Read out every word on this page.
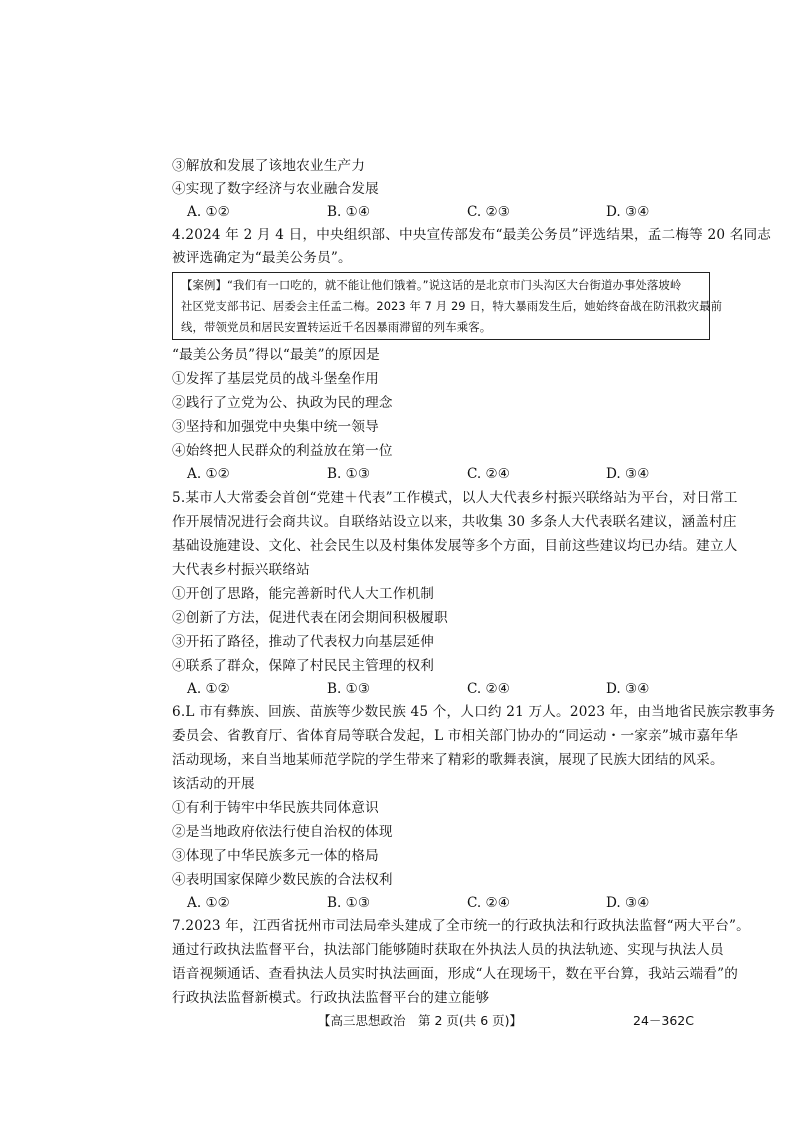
③解放和发展了该地农业生产力
④实现了数字经济与农业融合发展
A. ①②	B. ①④	C. ②③	D. ③④
4.2024 年 2 月 4 日，中央组织部、中央宣传部发布“最美公务员”评选结果，孟二梅等 20 名同志
被评选确定为“最美公务员”。
【案例】“我们有一口吃的，就不能让他们饿着。”说这话的是北京市门头沟区大台街道办事处落坡岭
社区党支部书记、居委会主任孟二梅。2023 年 7 月 29 日，特大暴雨发生后，她始终奋战在防汛救灾最前
线，带领党员和居民安置转运近千名因暴雨滞留的列车乘客。
“最美公务员”得以“最美”的原因是
①发挥了基层党员的战斗堡垒作用
②践行了立党为公、执政为民的理念
③坚持和加强党中央集中统一领导
④始终把人民群众的利益放在第一位
A. ①②	B. ①③	C. ②④	D. ③④
5.某市人大常委会首创“党建＋代表”工作模式，以人大代表乡村振兴联络站为平台，对日常工
作开展情况进行会商共议。自联络站设立以来，共收集 30 多条人大代表联名建议，涵盖村庄
基础设施建设、文化、社会民生以及村集体发展等多个方面，目前这些建议均已办结。建立人
大代表乡村振兴联络站
①开创了思路，能完善新时代人大工作机制
②创新了方法，促进代表在闭会期间积极履职
③开拓了路径，推动了代表权力向基层延伸
④联系了群众，保障了村民民主管理的权利
A. ①②	B. ①③	C. ②④	D. ③④
6.L 市有彝族、回族、苗族等少数民族 45 个，人口约 21 万人。2023 年，由当地省民族宗教事务
委员会、省教育厅、省体育局等联合发起，L 市相关部门协办的“同运动・一家亲”城市嘉年华
活动现场，来自当地某师范学院的学生带来了精彩的歌舞表演，展现了民族大团结的风采。
该活动的开展
①有利于铸牢中华民族共同体意识
②是当地政府依法行使自治权的体现
③体现了中华民族多元一体的格局
④表明国家保障少数民族的合法权利
A. ①②	B. ①③	C. ②④	D. ③④
7.2023 年，江西省抚州市司法局牵头建成了全市统一的行政执法和行政执法监督“两大平台”。
通过行政执法监督平台，执法部门能够随时获取在外执法人员的执法轨迹、实现与执法人员
语音视频通话、查看执法人员实时执法画面，形成“人在现场干，数在平台算，我站云端看”的
行政执法监督新模式。行政执法监督平台的建立能够
【高三思想政治　第 2 页(共 6 页)】	24－362C
